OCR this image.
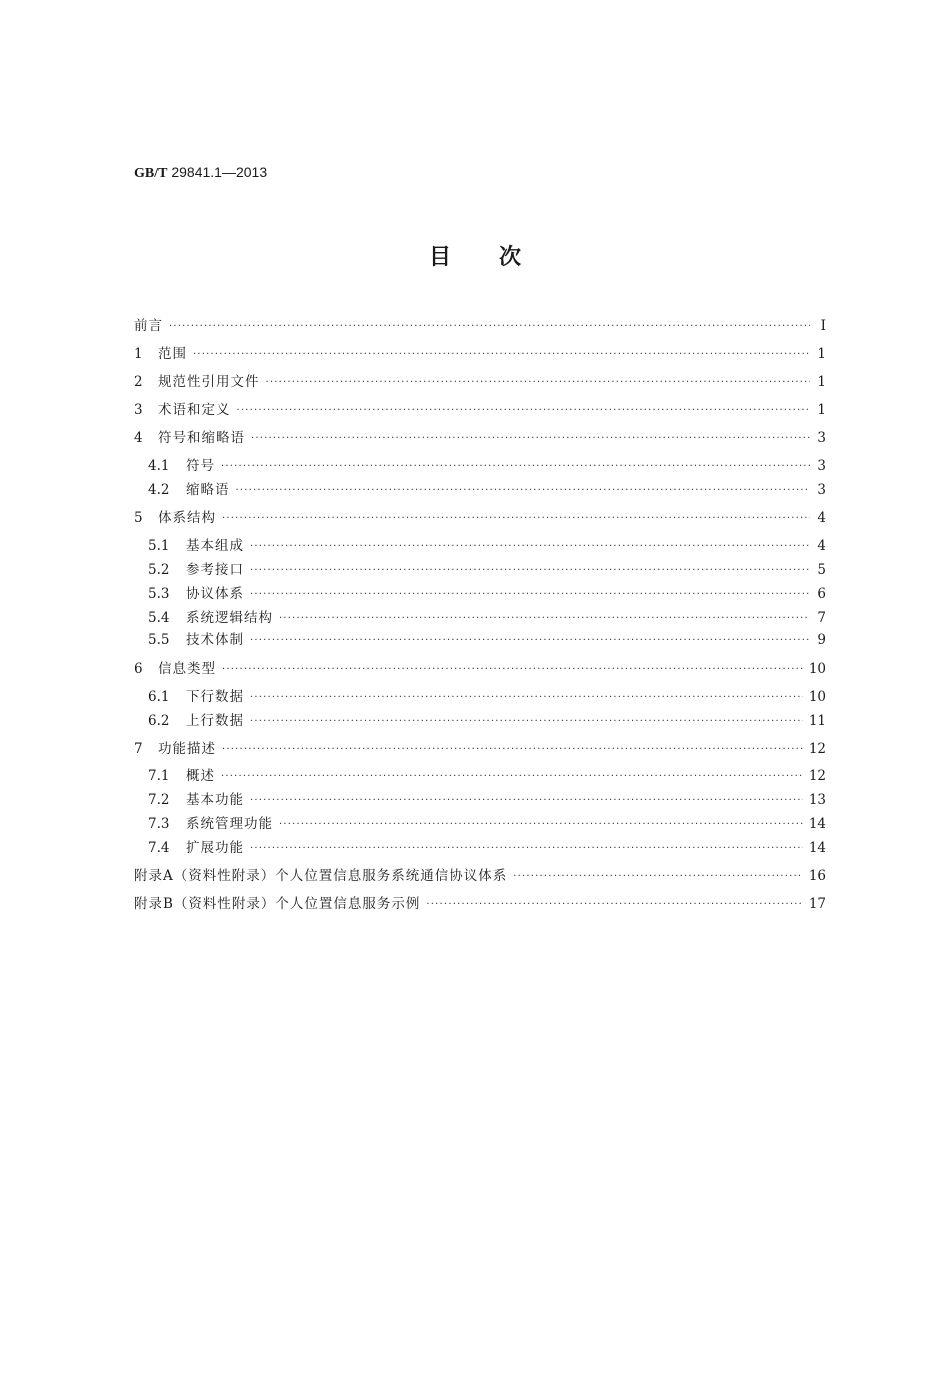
GB/T 29841.1—2013
目次
前言 ·····	Ⅰ
1	范围 ·····	1
2	规范性引用文件 ·····	1
3	术语和定义 ·····	1
4	符号和缩略语 ·····	3
4.1	符号 ·····	3
4.2	缩略语 ·····	3
5	体系结构 ·····	4
5.1	基本组成 ·····	4
5.2	参考接口 ·····	5
5.3	协议体系 ·····	6
5.4	系统逻辑结构 ·····	7
5.5	技术体制 ·····	9
6	信息类型 ·····	10
6.1	下行数据 ·····	10
6.2	上行数据 ·····	11
7	功能描述 ·····	12
7.1	概述 ·····	12
7.2	基本功能 ·····	13
7.3	系统管理功能 ·····	14
7.4	扩展功能 ·····	14
附录A（资料性附录）个人位置信息服务系统通信协议体系 ·····	16
附录B（资料性附录）个人位置信息服务示例 ·····	17
